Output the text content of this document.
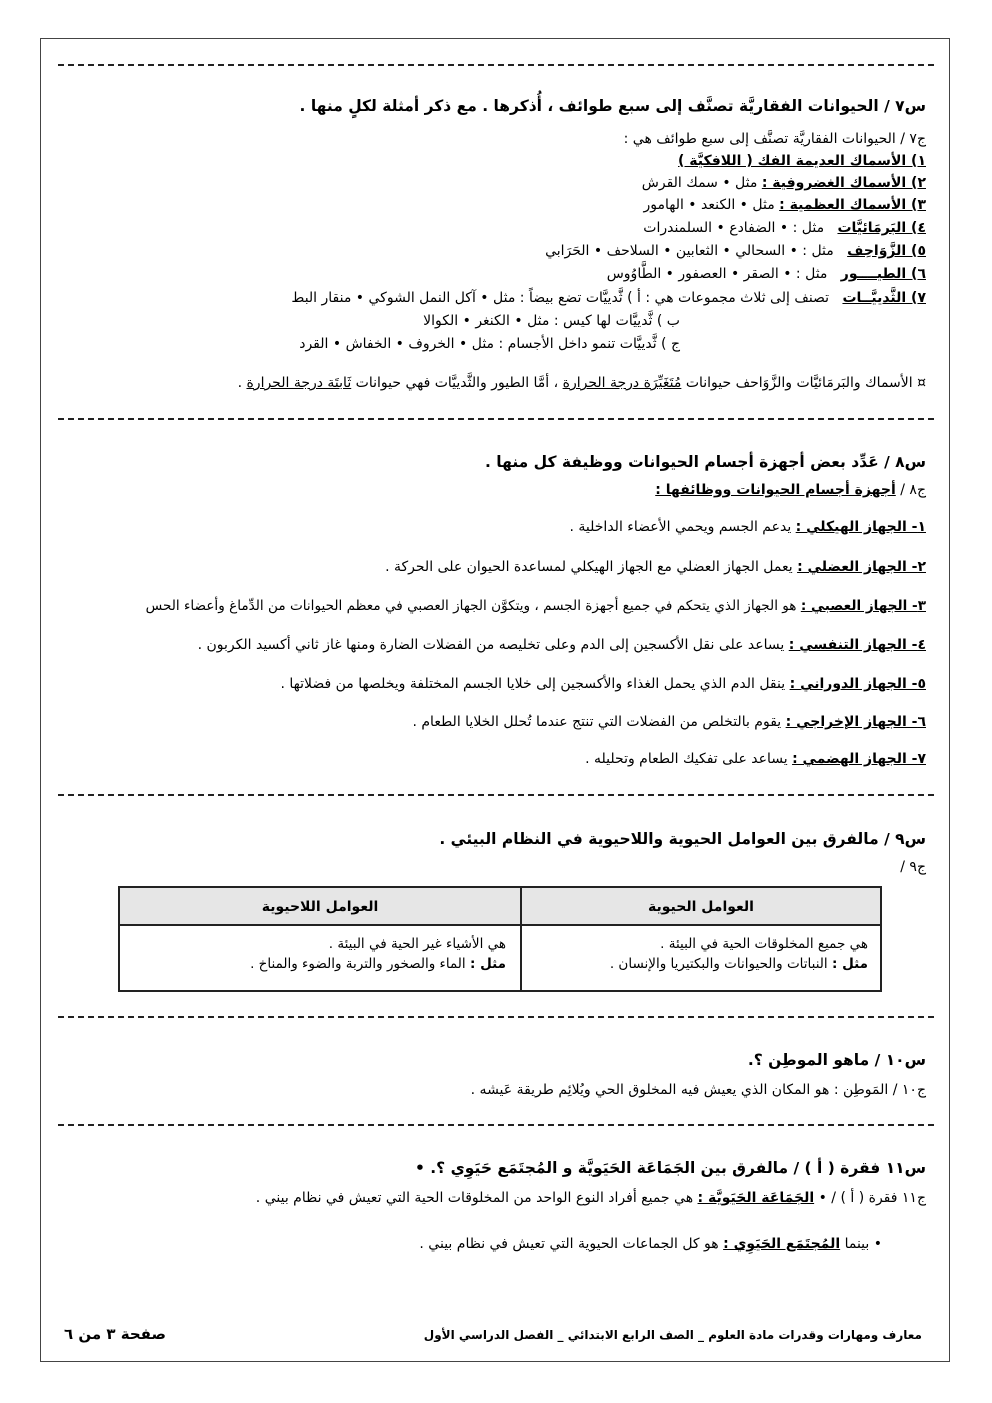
س٧ / الحيوانات الفقاريَّة تصنَّف إلى سبع طوائف ، أُذكرها . مع ذكر أمثلة لكلٍ منها .
ج٧ / الحيوانات الفقاريَّة تصنَّف إلى سبع طوائف هي :
١) الأسماك العديمة الفك ( اللافكيَّة )
٢) الأسماك الغضروفية : مثل • سمك القرش
٣) الأسماك العظمية : مثل • الكنعد • الهامور
٤) البَرمَائيَّات   مثل : • الضفادع • السلمندرات
٥) الزَّوَاحِف   مثل : • السحالي • الثعابين • السلاحف • الحَرَابي
٦) الطيــــور   مثل : • الصقر • العصفور • الطَّاوُوس
٧) الثَّدييَّــات   تصنف إلى ثلاث مجموعات هي : أ ) ثَّدييَّات تضع بيضاً : مثل • آكل النمل الشوكي • منقار البط
ب ) ثَّدييَّات لها كيس : مثل • الكنغر • الكوالا
ج ) ثَّدييَّات تنمو داخل الأجسام : مثل • الخروف • الخفاش • القرد
¤ الأسماك والبَرمَائيَّات والزَّوَاحف حيوانات مُتَغَيِّرَة درجة الحرارة ، أمَّا الطيور والثَّدييَّات فهي حيوانات ثَابتَة درجة الحرارة .
س٨ / عَدِّد بعض أجهزة أجسام الحيوانات ووظيفة كل منها .
ج٨ / أجهزة أجسام الحيوانات ووظائفها :
١- الجهاز الهيكلي : يدعم الجسم ويحمي الأعضاء الداخلية .
٢- الجهاز العضلي : يعمل الجهاز العضلي مع الجهاز الهيكلي لمساعدة الحيوان على الحركة .
٣- الجهاز العصبي : هو الجهاز الذي يتحكم في جميع أجهزة الجسم ، ويتكوَّن الجهاز العصبي في معظم الحيوانات من الدِّماغ وأعضاء الحس
٤- الجهاز التنفسي : يساعد على نقل الأكسجين إلى الدم وعلى تخليصه من الفضلات الضارة ومنها غاز ثاني أكسيد الكربون .
٥- الجهاز الدوراني : ينقل الدم الذي يحمل الغذاء والأكسجين إلى خلايا الجسم المختلفة ويخلصها من فضلاتها .
٦- الجهاز الإخراجي : يقوم بالتخلص من الفضلات التي تنتج عندما تُحلل الخلايا الطعام .
٧- الجهاز الهضمي : يساعد على تفكيك الطعام وتحليله .
س٩ / مالفرق بين العوامل الحيوية واللاحيوية في النظام البيئي .
ج٩ /
العوامل الحيوية
العوامل اللاحيوية
هي جميع المخلوقات الحية في البيئة .
مثل : النباتات والحيوانات والبكتيريا والإنسان .
هي الأشياء غير الحية في البيئة .
مثل : الماء والصخور والتربة والضوء والمناخ .
س١٠ / ماهو الموطِن ؟.
ج١٠ / المَوطِن : هو المكان الذي يعيش فيه المخلوق الحي ويُلائِم طريقة عَيشه .
س١١ فقرة ( أ ) / مالفرق بين الجَمَاعَة الحَيَويَّة و المُجتَمَع حَيَوِي ؟. •
ج١١ فقرة ( أ ) / • الجَمَاعَة الحَيَويَّة : هي جميع أفراد النوع الواحد من المخلوقات الحية التي تعيش في نظام بيني .
• بينما المُجتَمَع الحَيَوِي : هو كل الجماعات الحيوية التي تعيش في نظام بيني .
صفحة ٣ من ٦	معارف ومهارات وقدرات مادة العلوم _ الصف الرابع الابتدائي _ الفصل الدراسي الأول
